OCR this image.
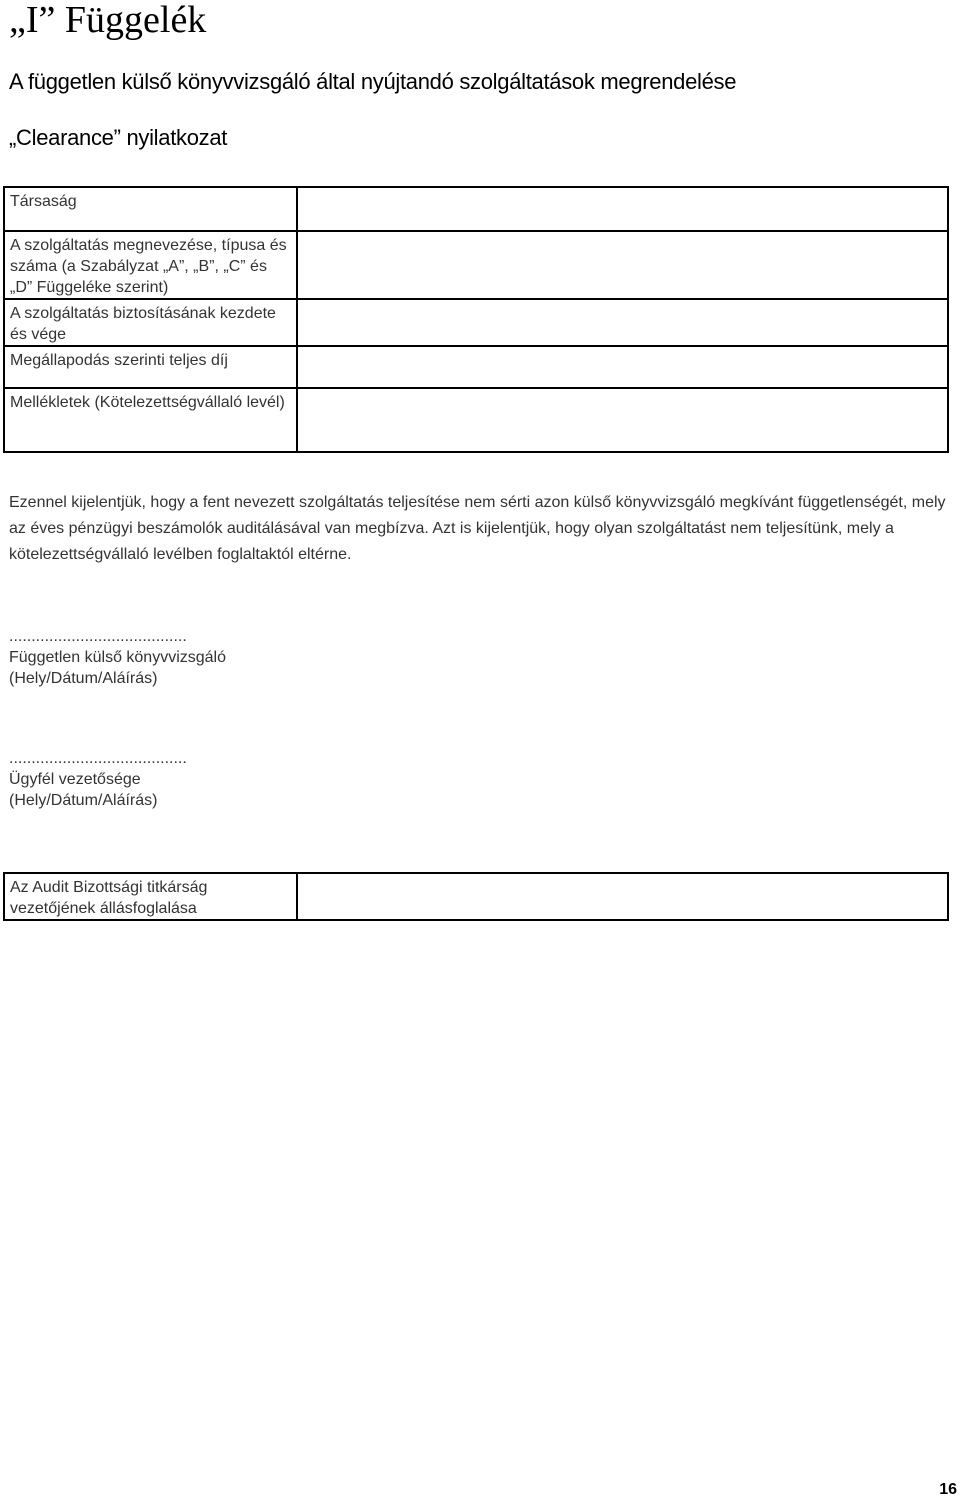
„I” Függelék
A független külső könyvvizsgáló által nyújtandó szolgáltatások megrendelése
„Clearance” nyilatkozat
Társaság	
A szolgáltatás megnevezése, típusa és száma (a Szabályzat „A”, „B”, „C” és „D” Függeléke szerint)	
A szolgáltatás biztosításának kezdete és vége	
Megállapodás szerinti teljes díj	
Mellékletek (Kötelezettségvállaló levél)	

Ezennel kijelentjük, hogy a fent nevezett szolgáltatás teljesítése nem sérti azon külső könyvvizsgáló megkívánt függetlenségét, mely az éves pénzügyi beszámolók auditálásával van megbízva. Azt is kijelentjük, hogy olyan szolgáltatást nem teljesítünk, mely a kötelezettségvállaló levélben foglaltaktól eltérne.

........................................
Független külső könyvvizsgáló
(Hely/Dátum/Aláírás)
........................................
Ügyfél vezetősége
(Hely/Dátum/Aláírás)
Az Audit Bizottsági titkárság vezetőjének állásfoglalása	
16
